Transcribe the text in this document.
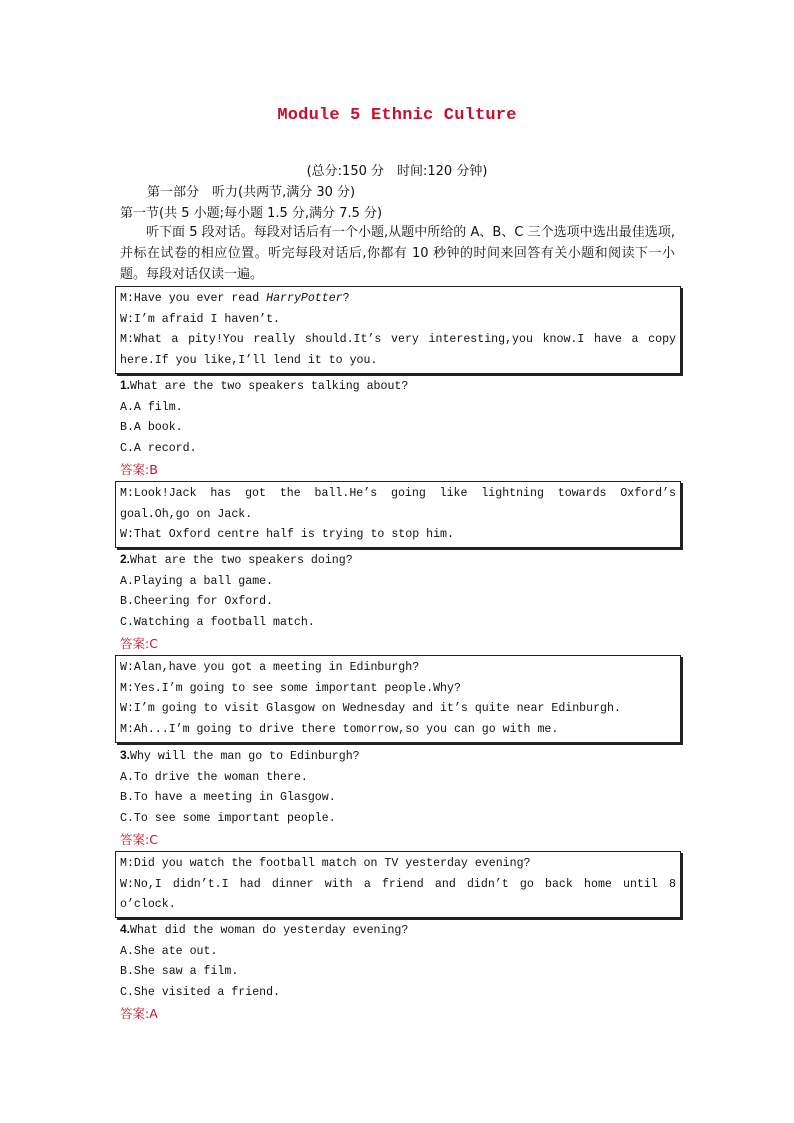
Module 5 Ethnic Culture
(总分:150 分　时间:120 分钟)
第一部分　听力(共两节,满分 30 分)
第一节(共 5 小题;每小题 1.5 分,满分 7.5 分)
听下面 5 段对话。每段对话后有一个小题,从题中所给的 A、B、C 三个选项中选出最佳选项,并标在试卷的相应位置。听完每段对话后,你都有 10 秒钟的时间来回答有关小题和阅读下一小题。每段对话仅读一遍。
M:Have you ever read HarryPotter?
W:I’m afraid I haven’t.
M:What a pity!You really should.It’s very interesting,you know.I have a copy here.If you like,I’ll lend it to you.
1.What are the two speakers talking about?
A.A film.
B.A book.
C.A record.
答案:B
M:Look!Jack has got the ball.He’s going like lightning towards Oxford’s goal.Oh,go on Jack.
W:That Oxford centre half is trying to stop him.
2.What are the two speakers doing?
A.Playing a ball game.
B.Cheering for Oxford.
C.Watching a football match.
答案:C
W:Alan,have you got a meeting in Edinburgh?
M:Yes.I’m going to see some important people.Why?
W:I’m going to visit Glasgow on Wednesday and it’s quite near Edinburgh.
M:Ah...I’m going to drive there tomorrow,so you can go with me.
3.Why will the man go to Edinburgh?
A.To drive the woman there.
B.To have a meeting in Glasgow.
C.To see some important people.
答案:C
M:Did you watch the football match on TV yesterday evening?
W:No,I didn’t.I had dinner with a friend and didn’t go back home until 8 o’clock.
4.What did the woman do yesterday evening?
A.She ate out.
B.She saw a film.
C.She visited a friend.
答案:A
